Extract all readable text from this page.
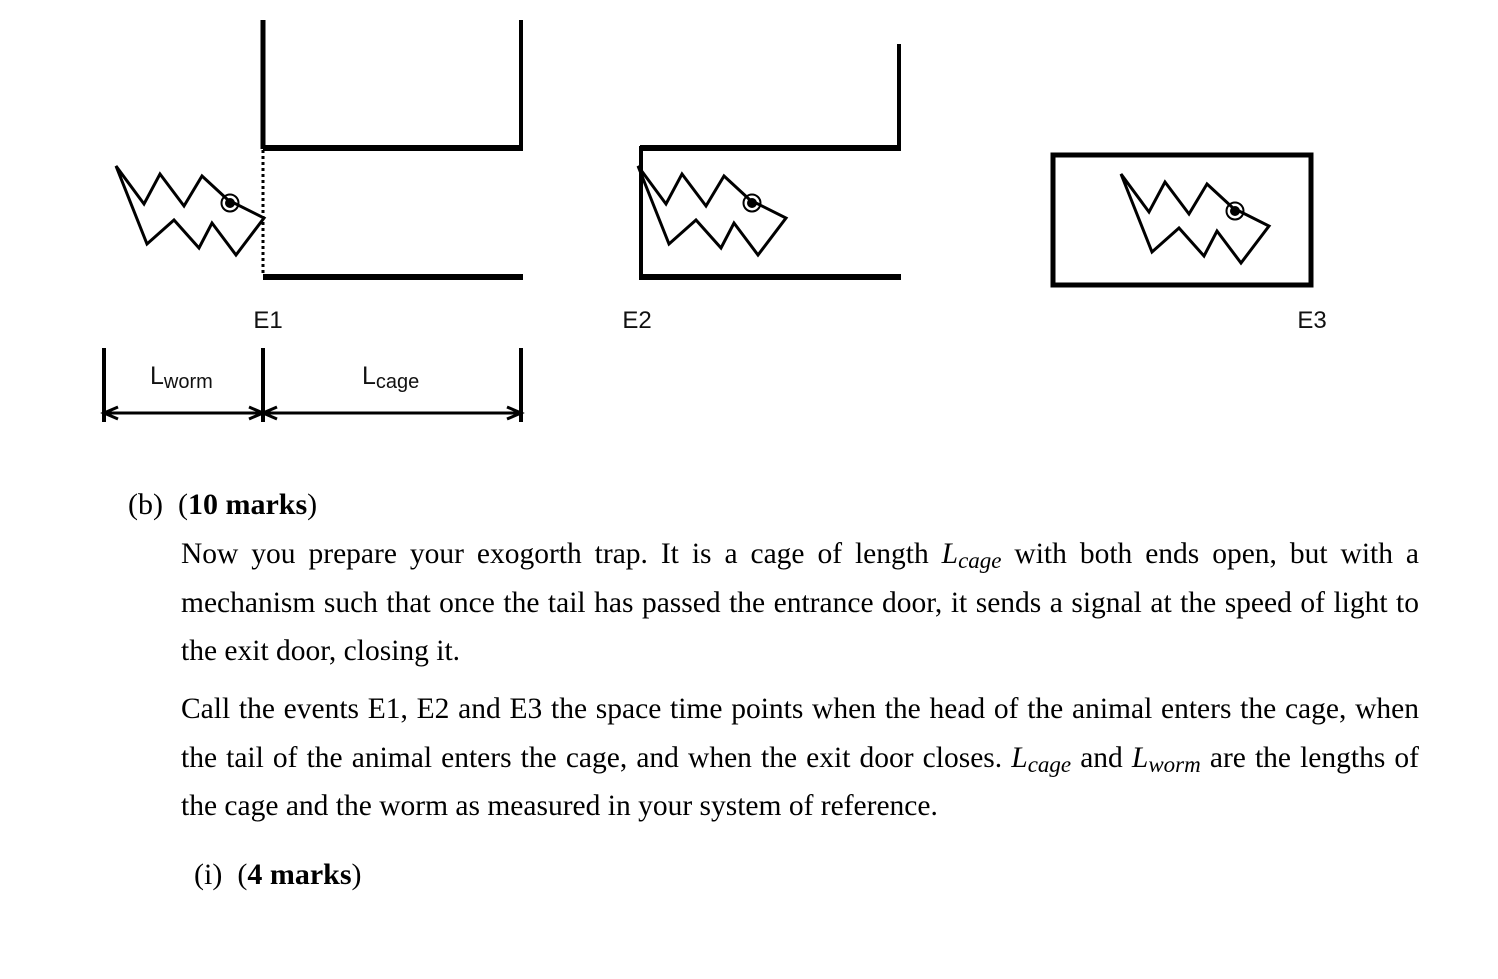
E1	E2	E3
Lworm	Lcage
(b) (10 marks)

Now you prepare your exogorth trap. It is a cage of length $L_{cage}$ with both ends open, but with a mechanism such that once the tail has passed the entrance door, it sends a signal at the speed of light to the exit door, closing it.

Call the events E1, E2 and E3 the space time points when the head of the animal enters the cage, when the tail of the animal enters the cage, and when the exit door closes. $L_{cage}$ and $L_{worm}$ are the lengths of the cage and the worm as measured in your system of reference.

(i) (4 marks)
